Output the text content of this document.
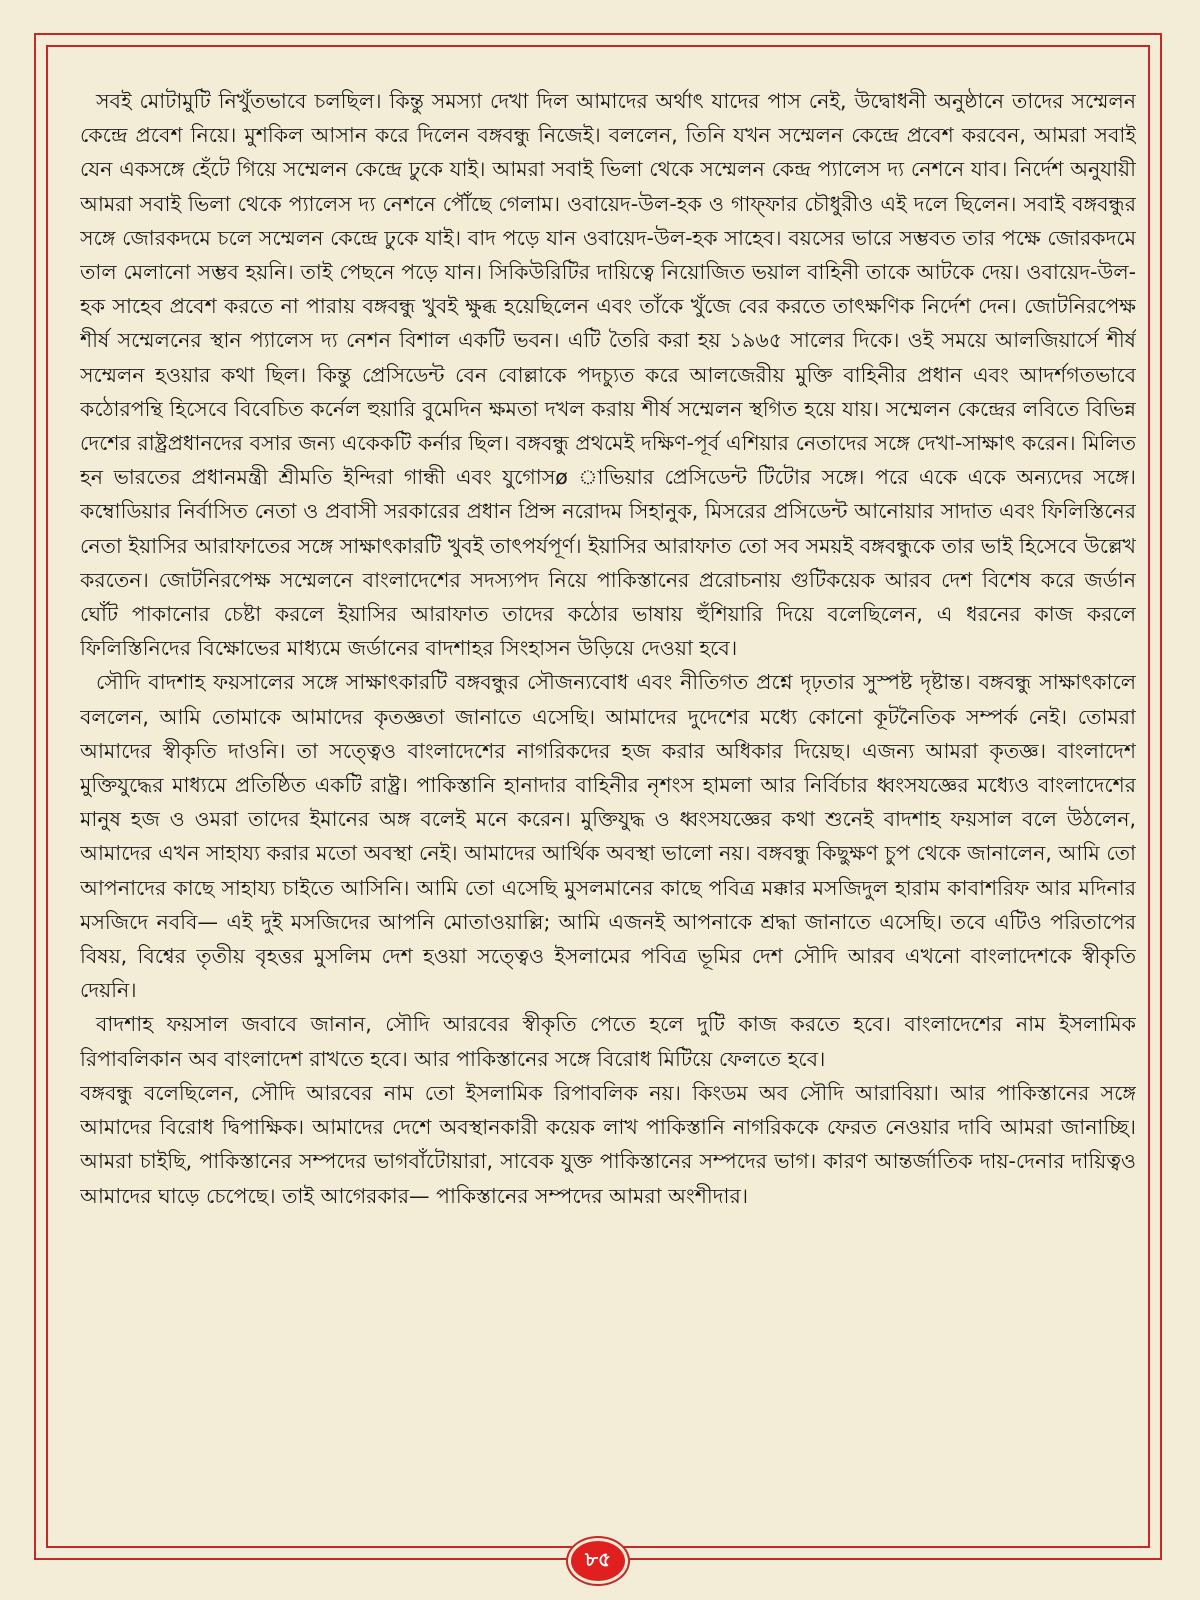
সবই মোটামুটি নিখুঁতভাবে চলছিল। কিন্তু সমস্যা দেখা দিল আমাদের অর্থাৎ যাদের পাস নেই, উদ্বোধনী অনুষ্ঠানে তাদের সম্মেলন কেন্দ্রে প্রবেশ নিয়ে। মুশকিল আসান করে দিলেন বঙ্গবন্ধু নিজেই। বললেন, তিনি যখন সম্মেলন কেন্দ্রে প্রবেশ করবেন, আমরা সবাই যেন একসঙ্গে হেঁটে গিয়ে সম্মেলন কেন্দ্রে ঢুকে যাই। আমরা সবাই ভিলা থেকে সম্মেলন কেন্দ্র প্যালেস দ্য নেশনে যাব। নির্দেশ অনুযায়ী আমরা সবাই ভিলা থেকে প্যালেস দ্য নেশনে পৌঁছে গেলাম। ওবায়েদ-উল-হক ও গাফ্ফার চৌধুরীও এই দলে ছিলেন। সবাই বঙ্গবন্ধুর সঙ্গে জোরকদমে চলে সম্মেলন কেন্দ্রে ঢুকে যাই। বাদ পড়ে যান ওবায়েদ-উল-হক সাহেব। বয়সের ভারে সম্ভবত তার পক্ষে জোরকদমে তাল মেলানো সম্ভব হয়নি। তাই পেছনে পড়ে যান। সিকিউরিটির দায়িত্বে নিয়োজিত ভয়াল বাহিনী তাকে আটকে দেয়। ওবায়েদ-উল-হক সাহেব প্রবেশ করতে না পারায় বঙ্গবন্ধু খুবই ক্ষুব্ধ হয়েছিলেন এবং তাঁকে খুঁজে বের করতে তাৎক্ষণিক নির্দেশ দেন। জোটনিরপেক্ষ শীর্ষ সম্মেলনের স্থান প্যালেস দ্য নেশন বিশাল একটি ভবন। এটি তৈরি করা হয় ১৯৬৫ সালের দিকে। ওই সময়ে আলজিয়ার্সে শীর্ষ সম্মেলন হওয়ার কথা ছিল। কিন্তু প্রেসিডেন্ট বেন বোল্লাকে পদচ্যুত করে আলজেরীয় মুক্তি বাহিনীর প্রধান এবং আদর্শগতভাবে কঠোরপন্থি হিসেবে বিবেচিত কর্নেল হুয়ারি বুমেদিন ক্ষমতা দখল করায় শীর্ষ সম্মেলন স্থগিত হয়ে যায়। সম্মেলন কেন্দ্রের লবিতে বিভিন্ন দেশের রাষ্ট্রপ্রধানদের বসার জন্য একেকটি কর্নার ছিল। বঙ্গবন্ধু প্রথমেই দক্ষিণ-পূর্ব এশিয়ার নেতাদের সঙ্গে দেখা-সাক্ষাৎ করেন। মিলিত হন ভারতের প্রধানমন্ত্রী শ্রীমতি ইন্দিরা গান্ধী এবং যুগোসø াভিয়ার প্রেসিডেন্ট টিটোর সঙ্গে। পরে একে একে অন্যদের সঙ্গে। কম্বোডিয়ার নির্বাসিত নেতা ও প্রবাসী সরকারের প্রধান প্রিন্স নরোদম সিহানুক, মিসরের প্রসিডেন্ট আনোয়ার সাদাত এবং ফিলিস্তিনের নেতা ইয়াসির আরাফাতের সঙ্গে সাক্ষাৎকারটি খুবই তাৎপর্যপূর্ণ। ইয়াসির আরাফাত তো সব সময়ই বঙ্গবন্ধুকে তার ভাই হিসেবে উল্লেখ করতেন। জোটনিরপেক্ষ সম্মেলনে বাংলাদেশের সদস্যপদ নিয়ে পাকিস্তানের প্ররোচনায় গুটিকয়েক আরব দেশ বিশেষ করে জর্ডান ঘোঁট পাকানোর চেষ্টা করলে ইয়াসির আরাফাত তাদের কঠোর ভাষায় হুঁশিয়ারি দিয়ে বলেছিলেন, এ ধরনের কাজ করলে ফিলিস্তিনিদের বিক্ষোভের মাধ্যমে জর্ডানের বাদশাহর সিংহাসন উড়িয়ে দেওয়া হবে।

সৌদি বাদশাহ ফয়সালের সঙ্গে সাক্ষাৎকারটি বঙ্গবন্ধুর সৌজন্যবোধ এবং নীতিগত প্রশ্নে দৃঢ়তার সুস্পষ্ট দৃষ্টান্ত। বঙ্গবন্ধু সাক্ষাৎকালে বললেন, আমি তোমাকে আমাদের কৃতজ্ঞতা জানাতে এসেছি। আমাদের দুদেশের মধ্যে কোনো কূটনৈতিক সম্পর্ক নেই। তোমরা আমাদের স্বীকৃতি দাওনি। তা সত্ত্বেও বাংলাদেশের নাগরিকদের হজ করার অধিকার দিয়েছ। এজন্য আমরা কৃতজ্ঞ। বাংলাদেশ মুক্তিযুদ্ধের মাধ্যমে প্রতিষ্ঠিত একটি রাষ্ট্র। পাকিস্তানি হানাদার বাহিনীর নৃশংস হামলা আর নির্বিচার ধ্বংসযজ্ঞের মধ্যেও বাংলাদেশের মানুষ হজ ও ওমরা তাদের ইমানের অঙ্গ বলেই মনে করেন। মুক্তিযুদ্ধ ও ধ্বংসযজ্ঞের কথা শুনেই বাদশাহ ফয়সাল বলে উঠলেন, আমাদের এখন সাহায্য করার মতো অবস্থা নেই। আমাদের আর্থিক অবস্থা ভালো নয়। বঙ্গবন্ধু কিছুক্ষণ চুপ থেকে জানালেন, আমি তো আপনাদের কাছে সাহায্য চাইতে আসিনি। আমি তো এসেছি মুসলমানের কাছে পবিত্র মক্কার মসজিদুল হারাম কাবাশরিফ আর মদিনার মসজিদে নববি— এই দুই মসজিদের আপনি মোতাওয়াল্লি; আমি এজনই আপনাকে শ্রদ্ধা জানাতে এসেছি। তবে এটিও পরিতাপের বিষয়, বিশ্বের তৃতীয় বৃহত্তর মুসলিম দেশ হওয়া সত্ত্বেও ইসলামের পবিত্র ভূমির দেশ সৌদি আরব এখনো বাংলাদেশকে স্বীকৃতি দেয়নি।

বাদশাহ ফয়সাল জবাবে জানান, সৌদি আরবের স্বীকৃতি পেতে হলে দুটি কাজ করতে হবে। বাংলাদেশের নাম ইসলামিক রিপাবলিকান অব বাংলাদেশ রাখতে হবে। আর পাকিস্তানের সঙ্গে বিরোধ মিটিয়ে ফেলতে হবে।

বঙ্গবন্ধু বলেছিলেন, সৌদি আরবের নাম তো ইসলামিক রিপাবলিক নয়। কিংডম অব সৌদি আরাবিয়া। আর পাকিস্তানের সঙ্গে আমাদের বিরোধ দ্বিপাক্ষিক। আমাদের দেশে অবস্থানকারী কয়েক লাখ পাকিস্তানি নাগরিককে ফেরত নেওয়ার দাবি আমরা জানাচ্ছি। আমরা চাইছি, পাকিস্তানের সম্পদের ভাগবাঁটোয়ারা, সাবেক যুক্ত পাকিস্তানের সম্পদের ভাগ। কারণ আন্তর্জাতিক দায়-দেনার দায়িত্বও আমাদের ঘাড়ে চেপেছে। তাই আগেরকার— পাকিস্তানের সম্পদের আমরা অংশীদার।

৮৫
